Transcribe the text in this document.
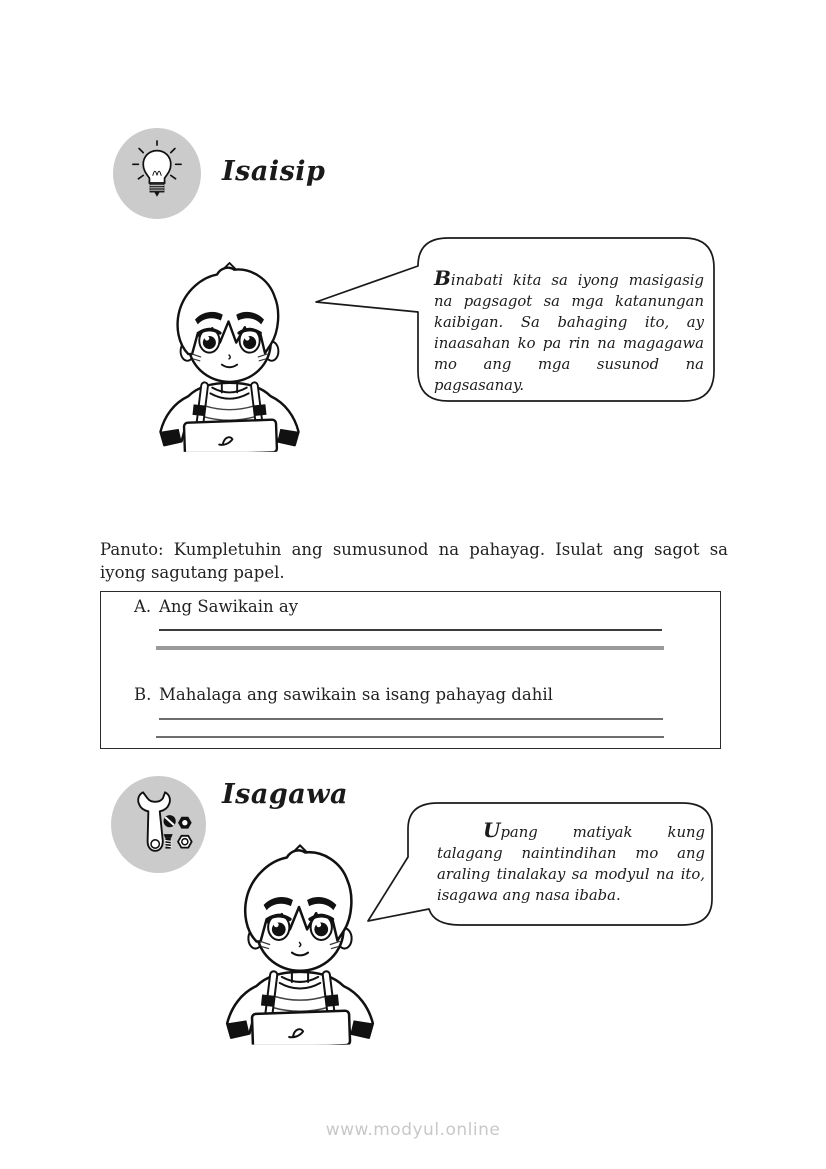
Isaisip

Binabati kita sa iyong masigasig na pagsagot sa mga katanungan kaibigan. Sa bahaging ito, ay inaasahan ko pa rin na magagawa mo ang mga susunod na pagsasanay.

Panuto: Kumpletuhin ang sumusunod na pahayag. Isulat ang sagot sa iyong sagutang papel.

A. Ang Sawikain ay
B. Mahalaga ang sawikain sa isang pahayag dahil
Isagawa

Upang matiyak kung talagang naintindihan mo ang araling tinalakay sa modyul na ito, isagawa ang nasa ibaba.

www.modyul.online
